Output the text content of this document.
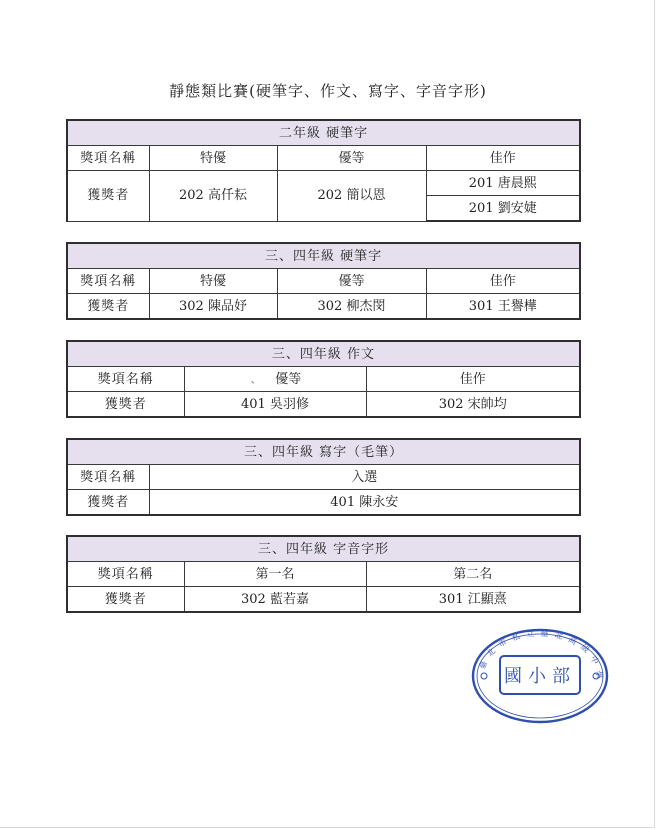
靜態類比賽(硬筆字、作文、寫字、字音字形)
二年級 硬筆字			
獎項名稱	特優	優等	佳作
獲獎者	202 高仟耘	202 簡以恩	201 唐晨熙
			201 劉安婕
三、四年級 硬筆字			
獎項名稱	特優	優等	佳作
獲獎者	302 陳品妤	302 柳杰閔	301 王譽樺
三、四年級 作文		
獎項名稱	、 優等	佳作
獲獎者	401 吳羽修	302 宋帥均
三、四年級 寫字（毛筆）	
獎項名稱	入選
獲獎者	401 陳永安
三、四年級 字音字形		
獎項名稱	第一名	第二名
獲獎者	302 藍若嘉	301 江顯熹
臺北市私立臺北高級中學
國小部
